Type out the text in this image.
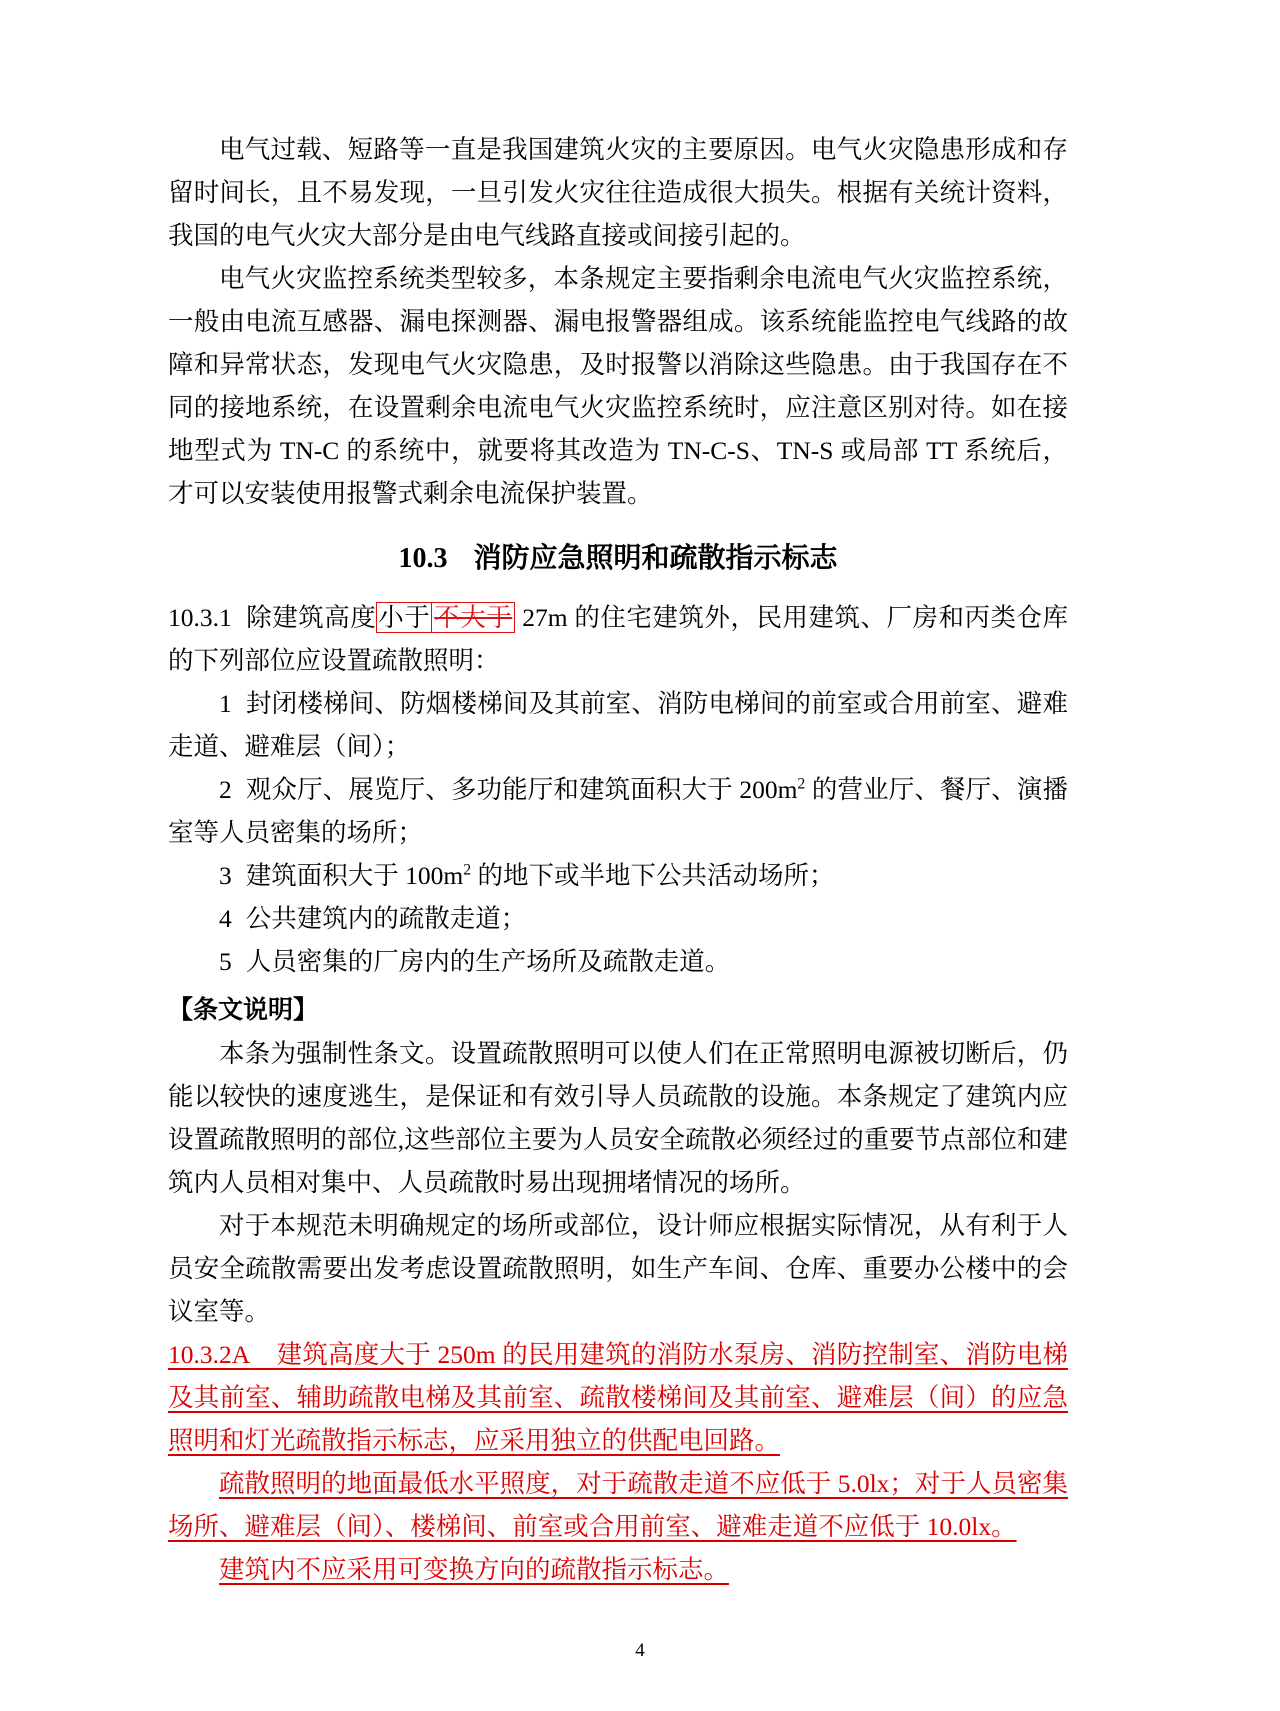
电气过载、短路等一直是我国建筑火灾的主要原因。电气火灾隐患形成和存留时间长，且不易发现，一旦引发火灾往往造成很大损失。根据有关统计资料，我国的电气火灾大部分是由电气线路直接或间接引起的。

电气火灾监控系统类型较多，本条规定主要指剩余电流电气火灾监控系统，一般由电流互感器、漏电探测器、漏电报警器组成。该系统能监控电气线路的故障和异常状态，发现电气火灾隐患，及时报警以消除这些隐患。由于我国存在不同的接地系统，在设置剩余电流电气火灾监控系统时，应注意区别对待。如在接地型式为 TN-C 的系统中，就要将其改造为 TN-C-S、TN-S 或局部 TT 系统后，才可以安装使用报警式剩余电流保护装置。

10.3 消防应急照明和疏散指示标志

10.3.1 除建筑高度小于 不大于 27m 的住宅建筑外，民用建筑、厂房和丙类仓库的下列部位应设置疏散照明：

1 封闭楼梯间、防烟楼梯间及其前室、消防电梯间的前室或合用前室、避难走道、避难层（间）；

2 观众厅、展览厅、多功能厅和建筑面积大于 $200m^2$ 的营业厅、餐厅、演播室等人员密集的场所；

3 建筑面积大于 $100m^2$ 的地下或半地下公共活动场所；

4 公共建筑内的疏散走道；

5 人员密集的厂房内的生产场所及疏散走道。

【条文说明】

本条为强制性条文。设置疏散照明可以使人们在正常照明电源被切断后，仍能以较快的速度逃生，是保证和有效引导人员疏散的设施。本条规定了建筑内应设置疏散照明的部位,这些部位主要为人员安全疏散必须经过的重要节点部位和建筑内人员相对集中、人员疏散时易出现拥堵情况的场所。

对于本规范未明确规定的场所或部位，设计师应根据实际情况，从有利于人员安全疏散需要出发考虑设置疏散照明，如生产车间、仓库、重要办公楼中的会议室等。

10.3.2A 建筑高度大于 250m 的民用建筑的消防水泵房、消防控制室、消防电梯及其前室、辅助疏散电梯及其前室、疏散楼梯间及其前室、避难层（间）的应急照明和灯光疏散指示标志，应采用独立的供配电回路。

疏散照明的地面最低水平照度，对于疏散走道不应低于 5.0lx；对于人员密集场所、避难层（间）、楼梯间、前室或合用前室、避难走道不应低于 10.0lx。

建筑内不应采用可变换方向的疏散指示标志。

4
